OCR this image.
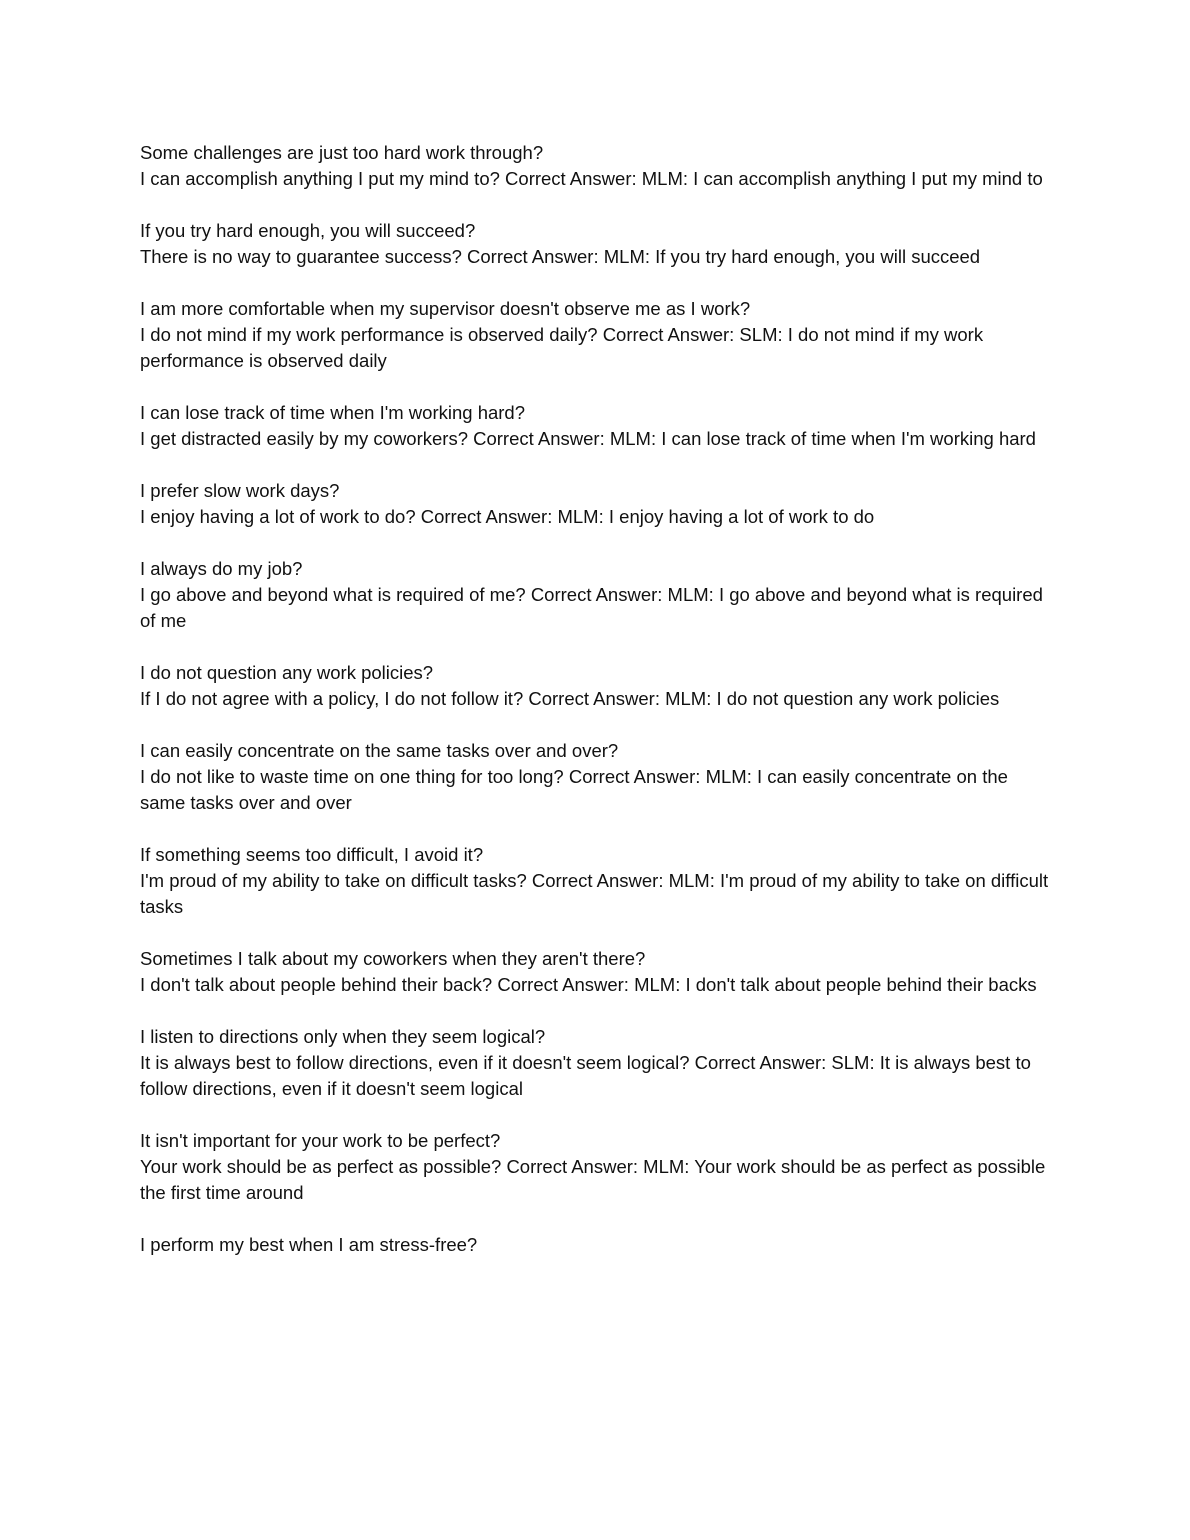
Some challenges are just too hard work through?
I can accomplish anything I put my mind to? Correct Answer: MLM: I can accomplish anything I put my mind to
If you try hard enough, you will succeed?
There is no way to guarantee success? Correct Answer: MLM: If you try hard enough, you will succeed
I am more comfortable when my supervisor doesn't observe me as I work?
I do not mind if my work performance is observed daily? Correct Answer: SLM: I do not mind if my work performance is observed daily
I can lose track of time when I'm working hard?
I get distracted easily by my coworkers? Correct Answer: MLM: I can lose track of time when I'm working hard
I prefer slow work days?
I enjoy having a lot of work to do? Correct Answer: MLM: I enjoy having a lot of work to do
I always do my job?
I go above and beyond what is required of me? Correct Answer: MLM: I go above and beyond what is required of me
I do not question any work policies?
If I do not agree with a policy, I do not follow it? Correct Answer: MLM: I do not question any work policies
I can easily concentrate on the same tasks over and over?
I do not like to waste time on one thing for too long? Correct Answer: MLM: I can easily concentrate on the same tasks over and over
If something seems too difficult, I avoid it?
I'm proud of my ability to take on difficult tasks? Correct Answer: MLM: I'm proud of my ability to take on difficult tasks
Sometimes I talk about my coworkers when they aren't there?
I don't talk about people behind their back? Correct Answer: MLM: I don't talk about people behind their backs
I listen to directions only when they seem logical?
It is always best to follow directions, even if it doesn't seem logical? Correct Answer: SLM: It is always best to follow directions, even if it doesn't seem logical
It isn't important for your work to be perfect?
Your work should be as perfect as possible? Correct Answer: MLM: Your work should be as perfect as possible the first time around
I perform my best when I am stress-free?
